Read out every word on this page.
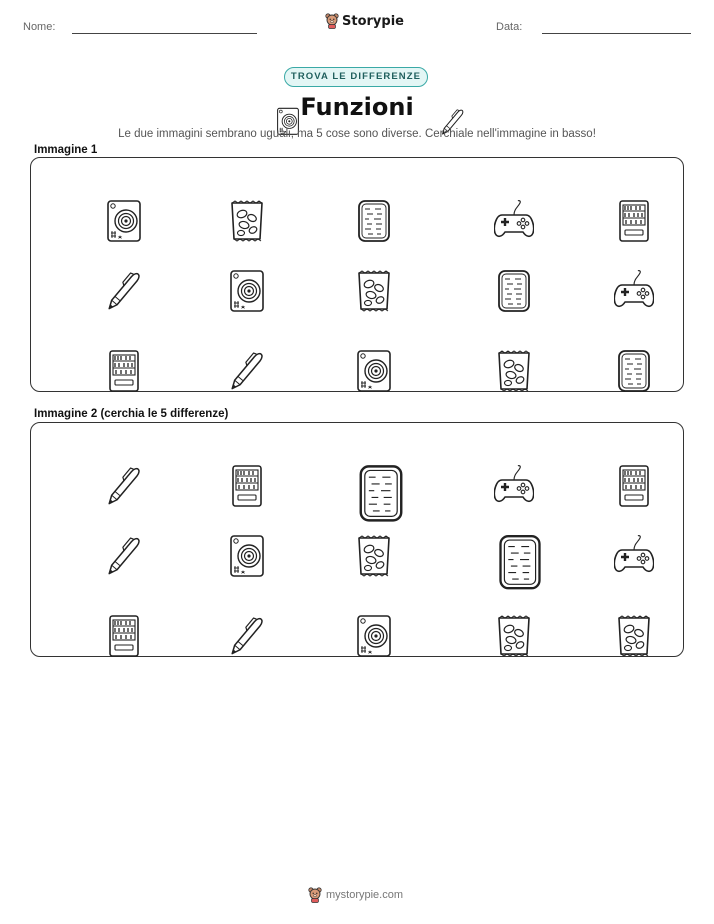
Nome:	Storypie	Data:
TROVA LE DIFFERENZE
Funzioni
Le due immagini sembrano uguali, ma 5 cose sono diverse. Cerchiale nell'immagine in basso!
Immagine 1
Immagine 2 (cerchia le 5 differenze)
mystorypie.com
